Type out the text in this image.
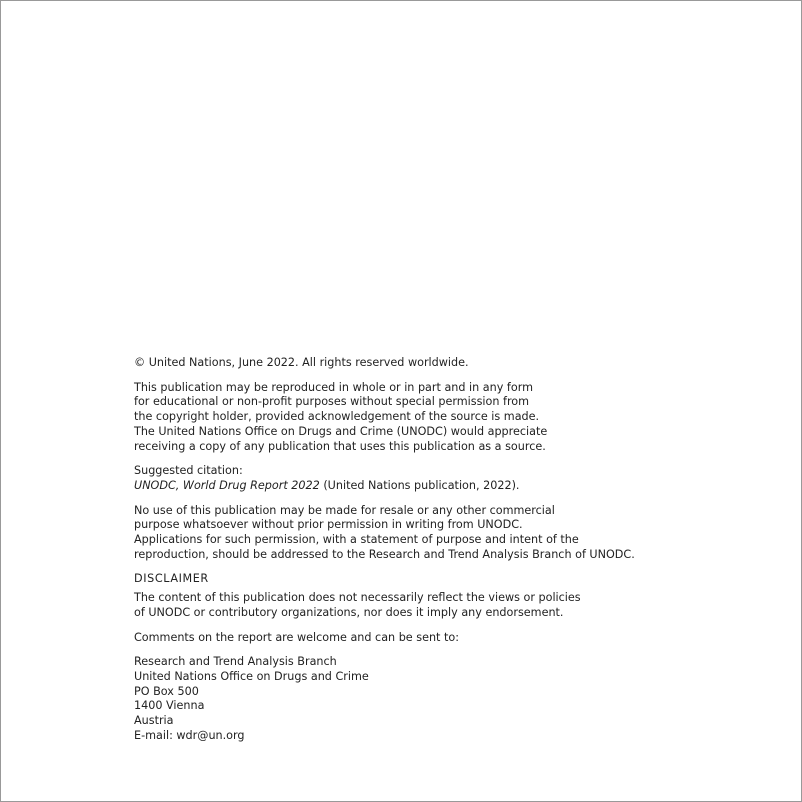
© United Nations, June 2022. All rights reserved worldwide.

This publication may be reproduced in whole or in part and in any form
for educational or non-profit purposes without special permission from
the copyright holder, provided acknowledgement of the source is made.
The United Nations Office on Drugs and Crime (UNODC) would appreciate
receiving a copy of any publication that uses this publication as a source.

Suggested citation:
UNODC, World Drug Report 2022 (United Nations publication, 2022).

No use of this publication may be made for resale or any other commercial
purpose whatsoever without prior permission in writing from UNODC.
Applications for such permission, with a statement of purpose and intent of the
reproduction, should be addressed to the Research and Trend Analysis Branch of UNODC.

DISCLAIMER

The content of this publication does not necessarily reflect the views or policies
of UNODC or contributory organizations, nor does it imply any endorsement.

Comments on the report are welcome and can be sent to:

Research and Trend Analysis Branch
United Nations Office on Drugs and Crime
PO Box 500
1400 Vienna
Austria
E-mail: wdr@un.org
